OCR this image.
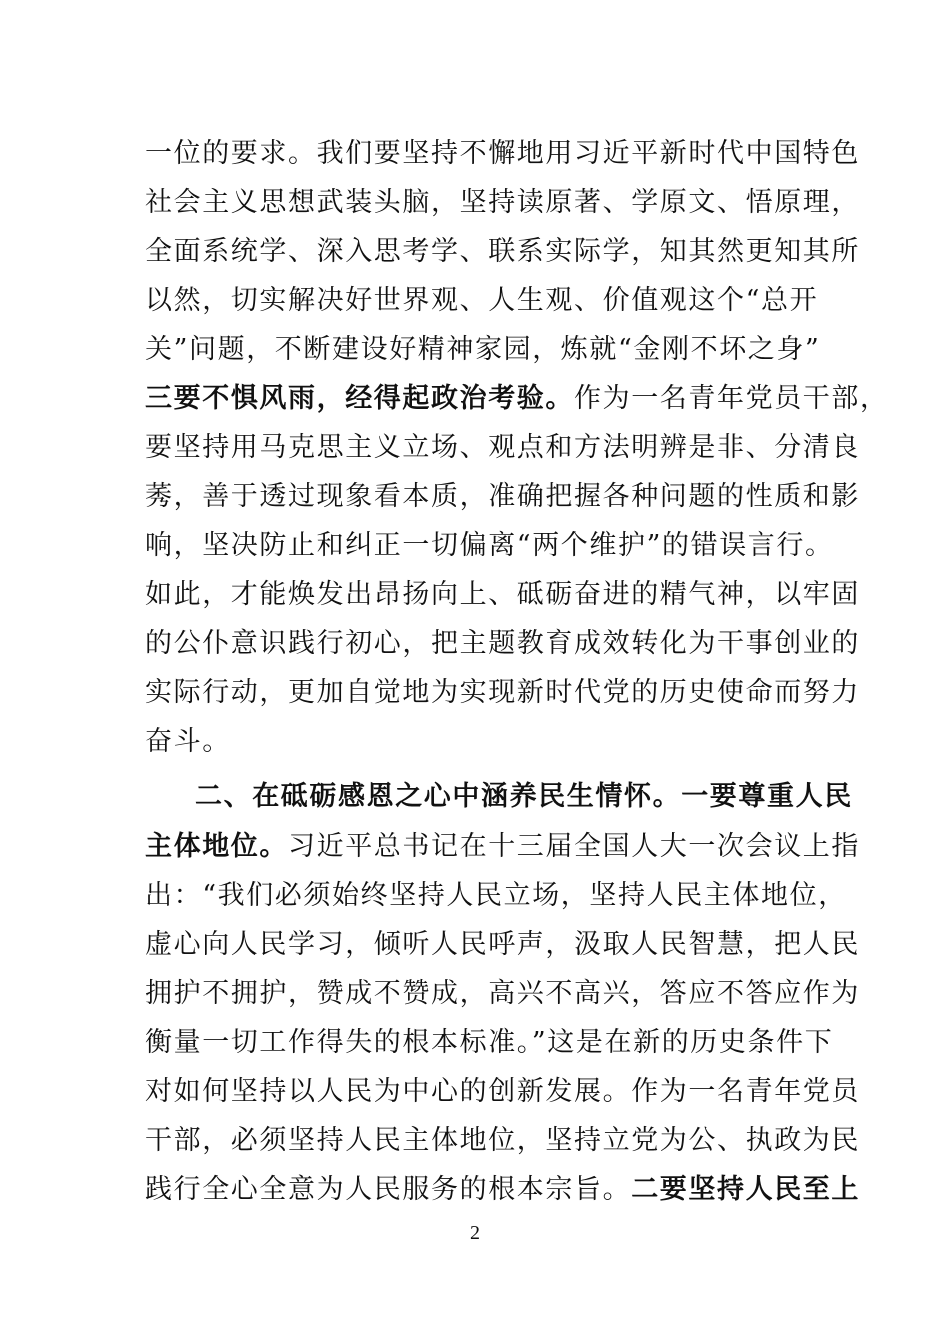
一位的要求。我们要坚持不懈地用习近平新时代中国特色
社会主义思想武装头脑，坚持读原著、学原文、悟原理，
全面系统学、深入思考学、联系实际学，知其然更知其所
以然，切实解决好世界观、人生观、价值观这个“总开
关”问题，不断建设好精神家园，炼就“金刚不坏之身”
三要不惧风雨，经得起政治考验。作为一名青年党员干部，
要坚持用马克思主义立场、观点和方法明辨是非、分清良
莠，善于透过现象看本质，准确把握各种问题的性质和影
响，坚决防止和纠正一切偏离“两个维护”的错误言行。
如此，才能焕发出昂扬向上、砥砺奋进的精气神，以牢固
的公仆意识践行初心，把主题教育成效转化为干事创业的
实际行动，更加自觉地为实现新时代党的历史使命而努力
奋斗。
二、在砥砺感恩之心中涵养民生情怀。一要尊重人民
主体地位。习近平总书记在十三届全国人大一次会议上指
出：“我们必须始终坚持人民立场，坚持人民主体地位，
虚心向人民学习，倾听人民呼声，汲取人民智慧，把人民
拥护不拥护，赞成不赞成，高兴不高兴，答应不答应作为
衡量一切工作得失的根本标准。”这是在新的历史条件下
对如何坚持以人民为中心的创新发展。作为一名青年党员
干部，必须坚持人民主体地位，坚持立党为公、执政为民
践行全心全意为人民服务的根本宗旨。二要坚持人民至上
2
